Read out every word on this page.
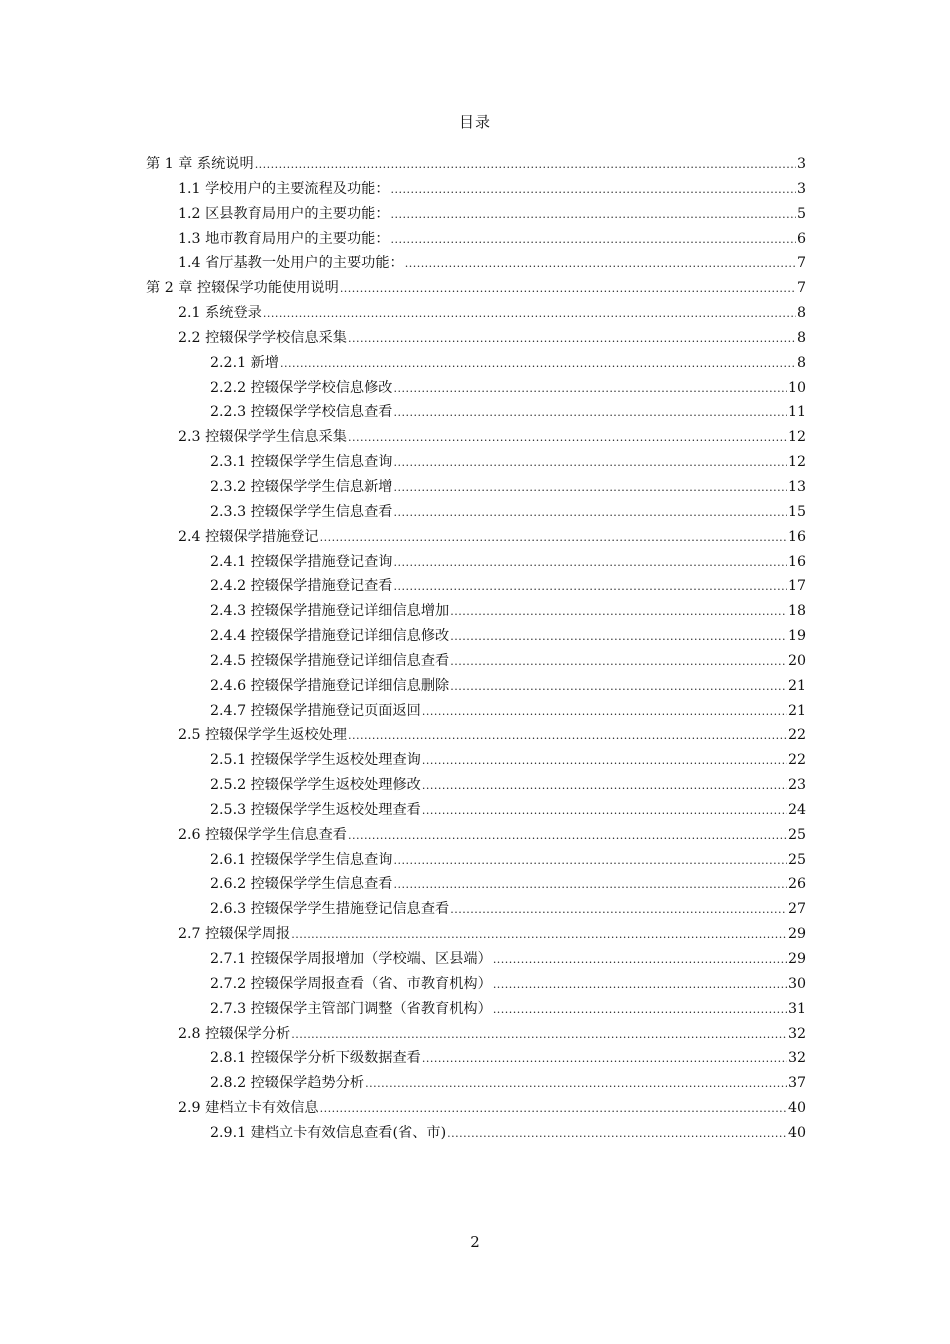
目录
第 1 章 系统说明 .....	3
1.1 学校用户的主要流程及功能： .....	3
1.2 区县教育局用户的主要功能： .....	5
1.3 地市教育局用户的主要功能： .....	6
1.4 省厅基教一处用户的主要功能： .....	7
第 2 章 控辍保学功能使用说明 .....	7
2.1 系统登录 .....	8
2.2 控辍保学学校信息采集 .....	8
2.2.1 新增 .....	8
2.2.2 控辍保学学校信息修改 .....	10
2.2.3 控辍保学学校信息查看 .....	11
2.3 控辍保学学生信息采集 .....	12
2.3.1 控辍保学学生信息查询 .....	12
2.3.2 控辍保学学生信息新增 .....	13
2.3.3 控辍保学学生信息查看 .....	15
2.4 控辍保学措施登记 .....	16
2.4.1 控辍保学措施登记查询 .....	16
2.4.2 控辍保学措施登记查看 .....	17
2.4.3 控辍保学措施登记详细信息增加 .....	18
2.4.4 控辍保学措施登记详细信息修改 .....	19
2.4.5 控辍保学措施登记详细信息查看 .....	20
2.4.6 控辍保学措施登记详细信息删除 .....	21
2.4.7 控辍保学措施登记页面返回 .....	21
2.5 控辍保学学生返校处理 .....	22
2.5.1 控辍保学学生返校处理查询 .....	22
2.5.2 控辍保学学生返校处理修改 .....	23
2.5.3 控辍保学学生返校处理查看 .....	24
2.6 控辍保学学生信息查看 .....	25
2.6.1 控辍保学学生信息查询 .....	25
2.6.2 控辍保学学生信息查看 .....	26
2.6.3 控辍保学学生措施登记信息查看 .....	27
2.7 控辍保学周报 .....	29
2.7.1 控辍保学周报增加（学校端、区县端） .....	29
2.7.2 控辍保学周报查看（省、市教育机构） .....	30
2.7.3 控辍保学主管部门调整（省教育机构） .....	31
2.8 控辍保学分析 .....	32
2.8.1 控辍保学分析下级数据查看 .....	32
2.8.2 控辍保学趋势分析 .....	37
2.9 建档立卡有效信息 .....	40
2.9.1 建档立卡有效信息查看(省、市) .....	40
2
